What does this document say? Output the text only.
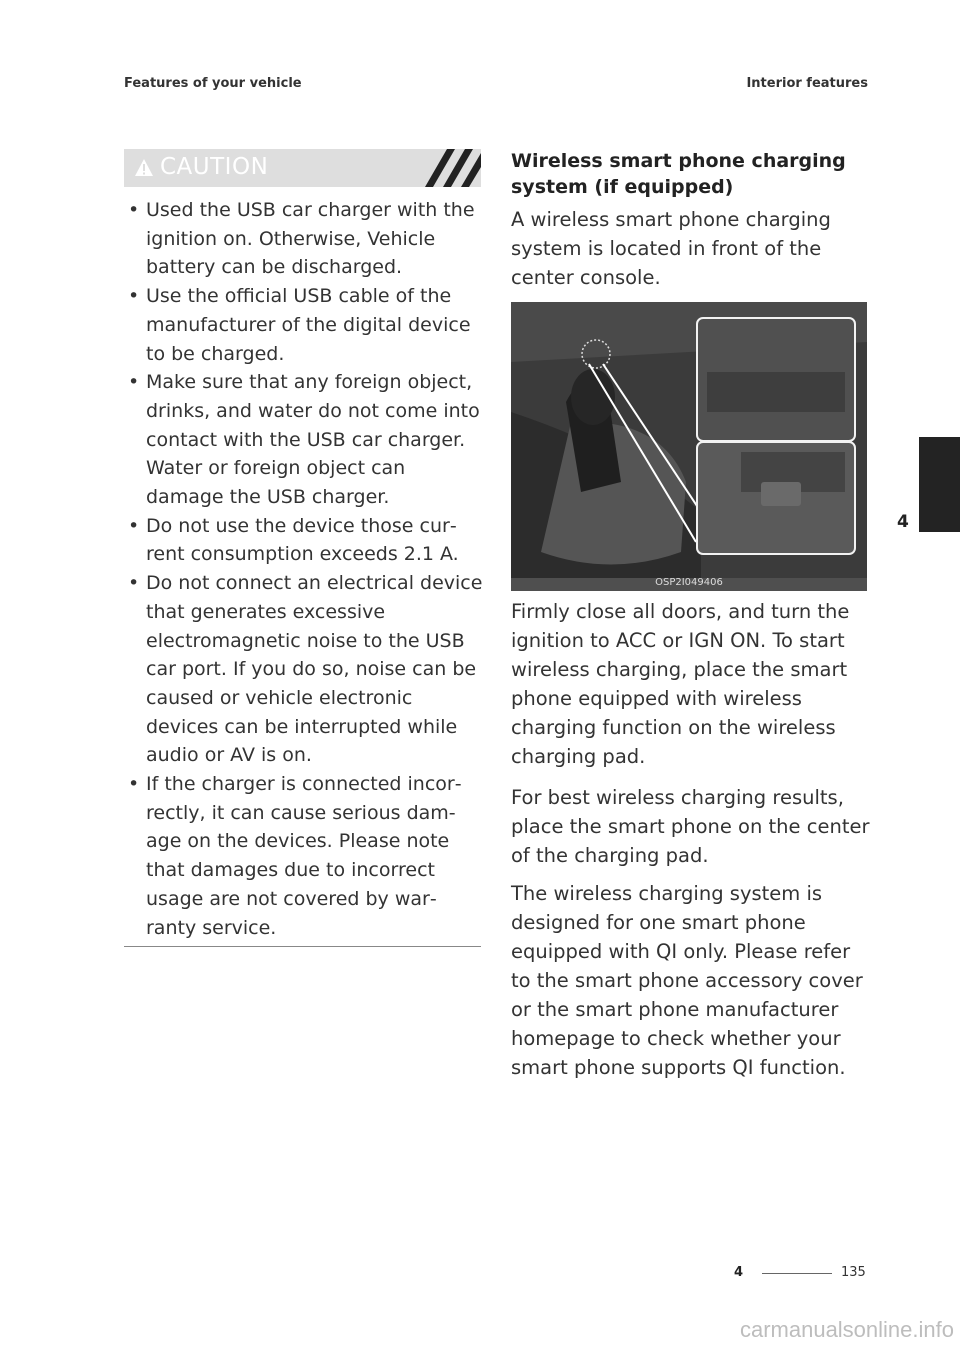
Features of your vehicle	Interior features
CAUTION
• Used the USB car charger with the ignition on. Otherwise, Vehicle battery can be discharged.
• Use the official USB cable of the manufacturer of the digital device to be charged.
• Make sure that any foreign object, drinks, and water do not come into contact with the USB car charger. Water or foreign object can damage the USB charger.
• Do not use the device those cur‐ rent consumption exceeds 2.1 A.
• Do not connect an electrical device that generates excessive electromagnetic noise to the USB car port. If you do so, noise can be caused or vehicle electronic devices can be interrupted while audio or AV is on.
• If the charger is connected incor‐ rectly, it can cause serious dam‐ age on the devices. Please note that damages due to incorrect usage are not covered by war‐ ranty service.
Wireless smart phone charging system (if equipped)

A wireless smart phone charging system is located in front of the center console.

OSP2I049406

Firmly close all doors, and turn the ignition to ACC or IGN ON. To start wireless charging, place the smart phone equipped with wireless charging function on the wireless charging pad.

For best wireless charging results, place the smart phone on the center of the charging pad.

The wireless charging system is designed for one smart phone equipped with QI only. Please refer to the smart phone accessory cover or the smart phone manufacturer homepage to check whether your smart phone supports QI function.

4
4	135
carmanualsonline.info
